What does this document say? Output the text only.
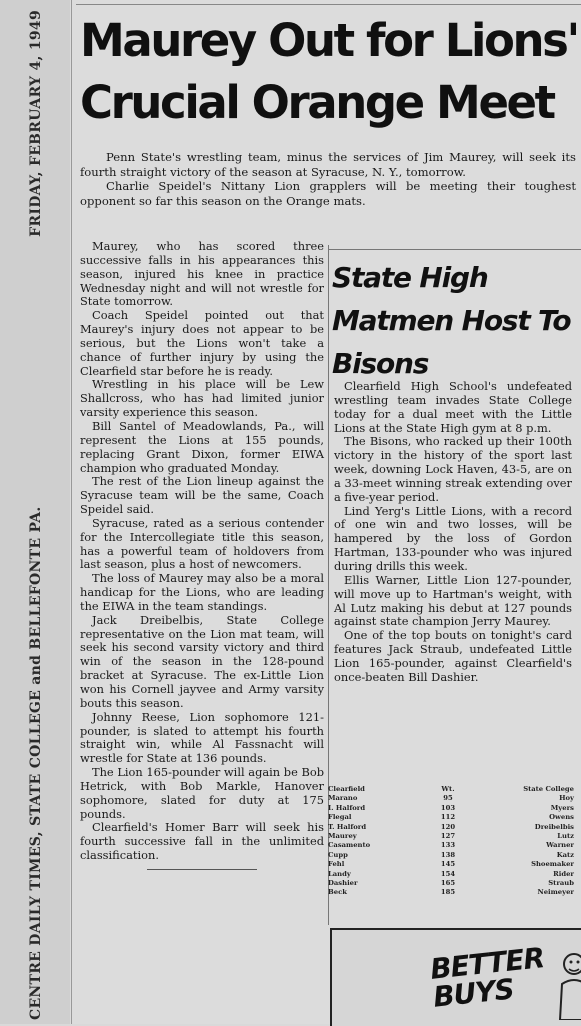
CENTRE DAILY TIMES, STATE COLLEGE and BELLEFONTE PA.
FRIDAY, FEBRUARY 4, 1949 Maurey Out for Lions' Crucial Orange Meet

Penn State's wrestling team, minus the services of Jim Maurey, will seek its fourth straight victory of the season at Syracuse, N. Y., tomorrow.

Charlie Speidel's Nittany Lion grapplers will be meeting their toughest opponent so far this season on the Orange mats.

Maurey, who has scored three successive falls in his appearances this season, injured his knee in practice Wednesday night and will not wrestle for State tomorrow.

Coach Speidel pointed out that Maurey's injury does not appear to be serious, but the Lions won't take a chance of further injury by using the Clearfield star before he is ready.

Wrestling in his place will be Lew Shallcross, who has had limited junior varsity experience this season.

Bill Santel of Meadowlands, Pa., will represent the Lions at 155 pounds, replacing Grant Dixon, former EIWA champion who graduated Monday.

The rest of the Lion lineup against the Syracuse team will be the same, Coach Speidel said.

Syracuse, rated as a serious contender for the Intercollegiate title this season, has a powerful team of holdovers from last season, plus a host of newcomers.

The loss of Maurey may also be a moral handicap for the Lions, who are leading the EIWA in the team standings.

Jack Dreibelbis, State College representative on the Lion mat team, will seek his second varsity victory and third win of the season in the 128-pound bracket at Syracuse. The ex-Little Lion won his Cornell jayvee and Army varsity bouts this season.

Johnny Reese, Lion sophomore 121-pounder, is slated to attempt his fourth straight win, while Al Fassnacht will wrestle for State at 136 pounds.

The Lion 165-pounder will again be Bob Hetrick, with Bob Markle, Hanover sophomore, slated for duty at 175 pounds.

Clearfield's Homer Barr will seek his fourth successive fall in the unlimited classification.

State High Matmen Host To Bisons

Clearfield High School's undefeated wrestling team invades State College today for a dual meet with the Little Lions at the State High gym at 8 p.m.

The Bisons, who racked up their 100th victory in the history of the sport last week, downing Lock Haven, 43-5, are on a 33-meet winning streak extending over a five-year period.

Lind Yerg's Little Lions, with a record of one win and two losses, will be hampered by the loss of Gordon Hartman, 133-pounder who was injured during drills this week.

Ellis Warner, Little Lion 127-pounder, will move up to Hartman's weight, with Al Lutz making his debut at 127 pounds against state champion Jerry Maurey.

One of the top bouts on tonight's card features Jack Straub, undefeated Little Lion 165-pounder, against Clearfield's once-beaten Bill Dashier.

Clearfield	Wt.	State College
Marano	95	Hoy
I. Halford	103	Myers
Flegal	112	Owens
T. Halford	120	Dreibelbis
Maurey	127	Lutz
Casamento	133	Warner
Cupp	138	Katz
Fehl	145	Shoemaker
Landy	154	Rider
Dashier	165	Straub
Beck	185	Neimeyer
BETTER BUYS
